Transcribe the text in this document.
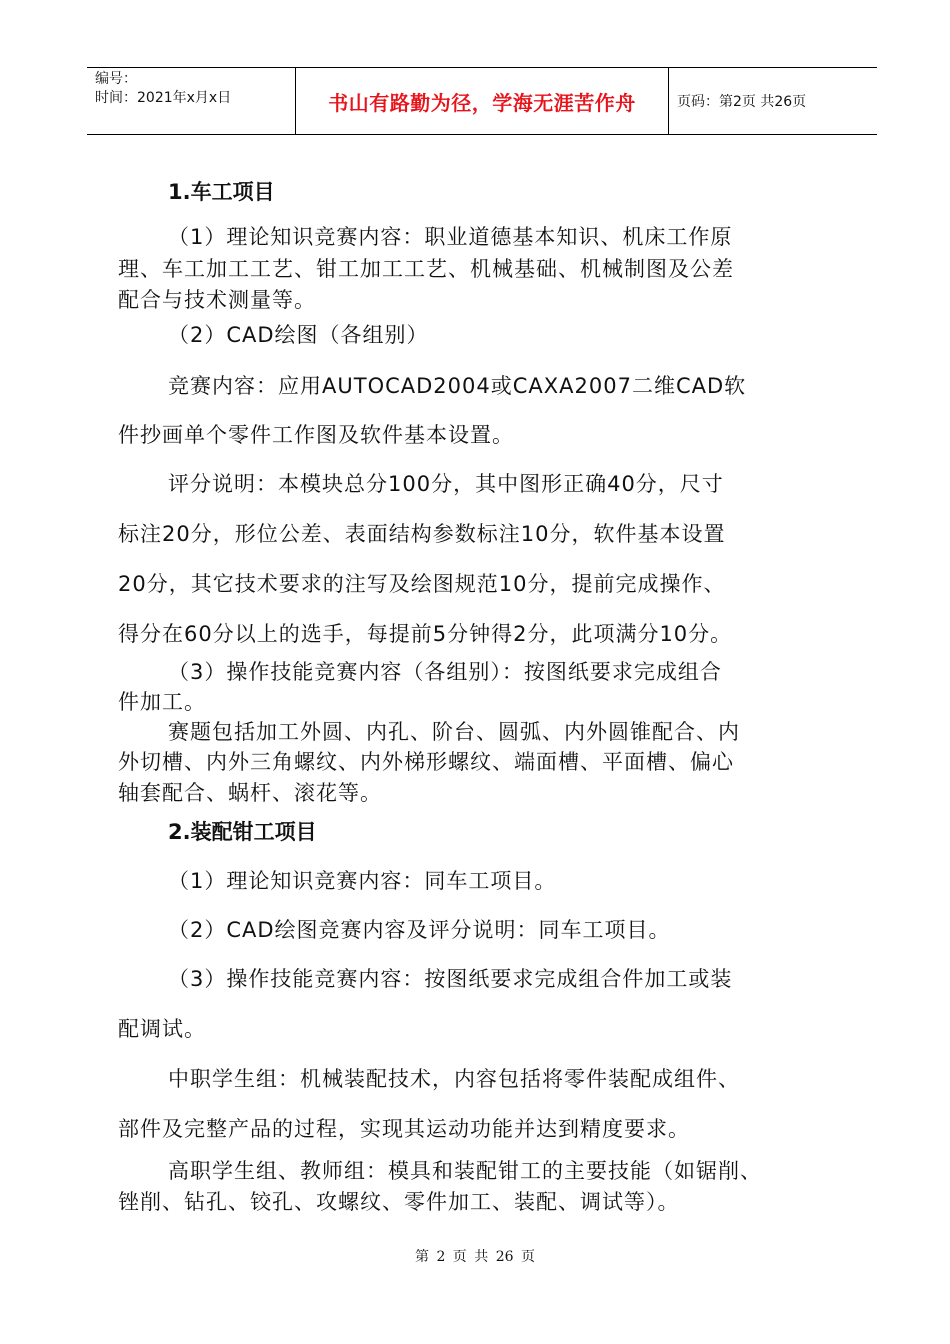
编号：
时间：2021年x月x日	书山有路勤为径，学海无涯苦作舟	页码：第2页 共26页
1.车工项目
（1）理论知识竞赛内容：职业道德基本知识、机床工作原
理、车工加工工艺、钳工加工工艺、机械基础、机械制图及公差
配合与技术测量等。
（2）CAD绘图（各组别）
竞赛内容：应用AUTOCAD2004或CAXA2007二维CAD软
件抄画单个零件工作图及软件基本设置。
评分说明：本模块总分100分，其中图形正确40分，尺寸
标注20分，形位公差、表面结构参数标注10分，软件基本设置
20分，其它技术要求的注写及绘图规范10分，提前完成操作、
得分在60分以上的选手，每提前5分钟得2分，此项满分10分。
（3）操作技能竞赛内容（各组别）：按图纸要求完成组合
件加工。
赛题包括加工外圆、内孔、阶台、圆弧、内外圆锥配合、内
外切槽、内外三角螺纹、内外梯形螺纹、端面槽、平面槽、偏心
轴套配合、蜗杆、滚花等。
2.装配钳工项目
（1）理论知识竞赛内容：同车工项目。
（2）CAD绘图竞赛内容及评分说明：同车工项目。
（3）操作技能竞赛内容：按图纸要求完成组合件加工或装
配调试。
中职学生组：机械装配技术，内容包括将零件装配成组件、
部件及完整产品的过程，实现其运动功能并达到精度要求。
高职学生组、教师组：模具和装配钳工的主要技能（如锯削、
锉削、钻孔、铰孔、攻螺纹、零件加工、装配、调试等）。
第 2 页 共 26 页
